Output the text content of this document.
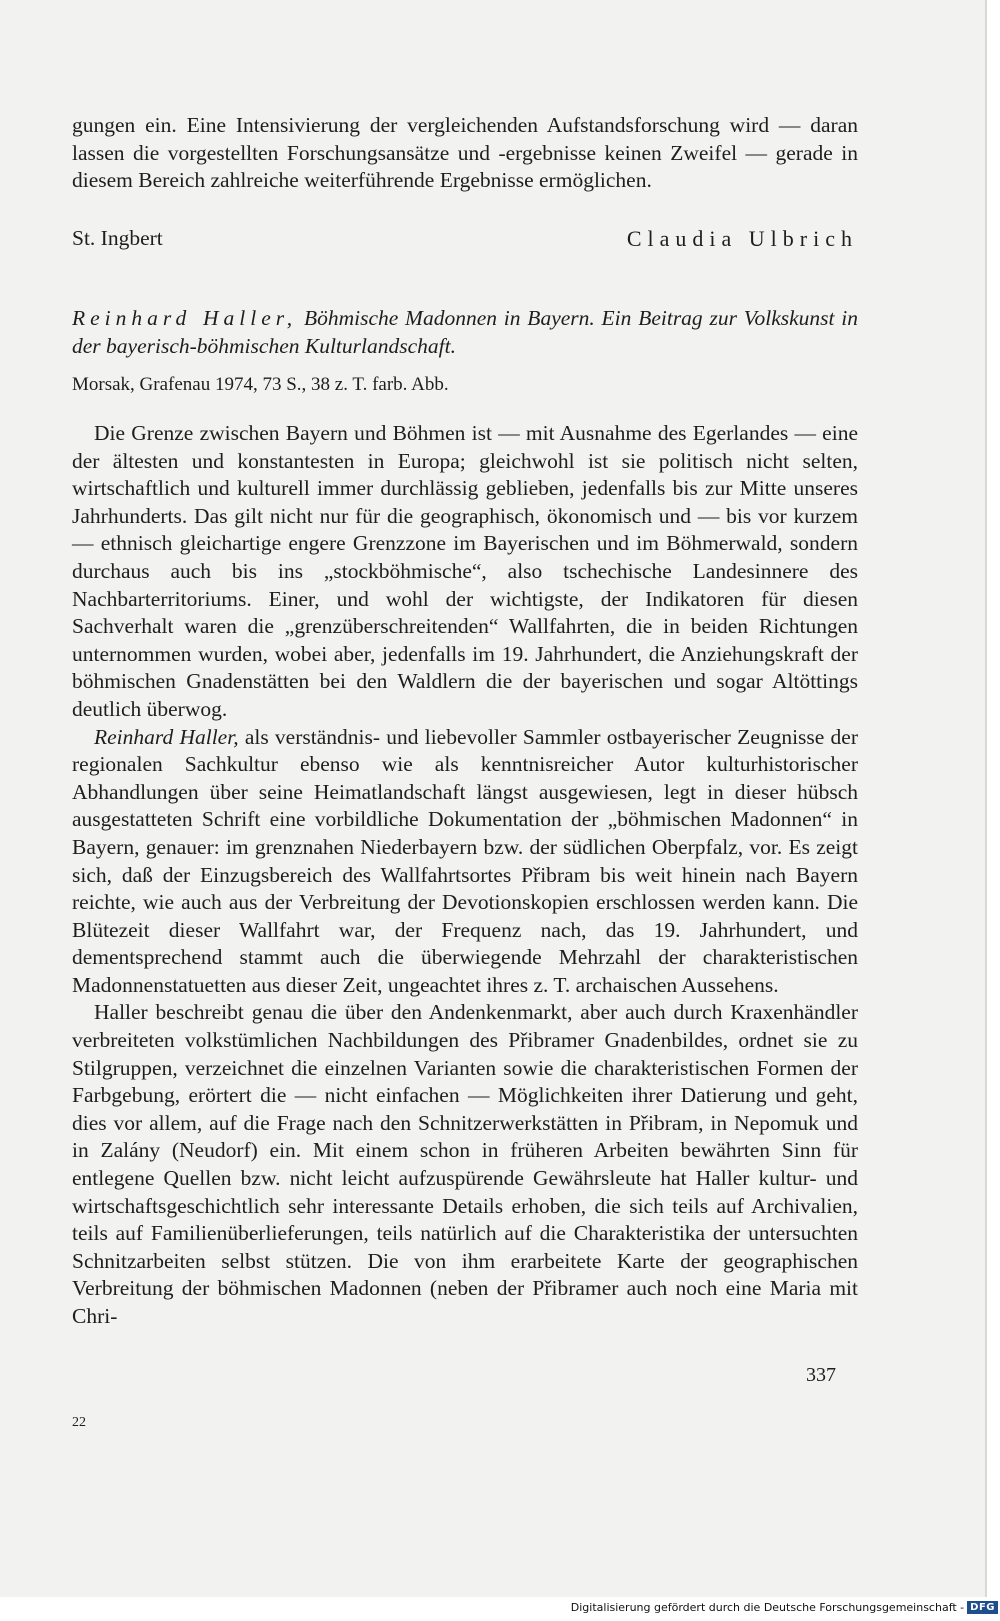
gungen ein. Eine Intensivierung der vergleichenden Aufstandsforschung wird — daran lassen die vorgestellten Forschungsansätze und -ergebnisse keinen Zweifel — gerade in diesem Bereich zahlreiche weiterführende Ergebnisse ermöglichen.

St. Ingbert	Claudia Ulbrich
Reinhard Haller, Böhmische Madonnen in Bayern. Ein Beitrag zur Volkskunst in der bayerisch-böhmischen Kulturlandschaft.
Morsak, Grafenau 1974, 73 S., 38 z. T. farb. Abb.

Die Grenze zwischen Bayern und Böhmen ist — mit Ausnahme des Egerlandes — eine der ältesten und konstantesten in Europa; gleichwohl ist sie politisch nicht selten, wirtschaftlich und kulturell immer durchlässig geblieben, jedenfalls bis zur Mitte unseres Jahrhunderts. Das gilt nicht nur für die geographisch, ökonomisch und — bis vor kurzem — ethnisch gleichartige engere Grenzzone im Bayerischen und im Böhmerwald, sondern durchaus auch bis ins „stockböhmische“, also tschechische Landesinnere des Nachbarterritoriums. Einer, und wohl der wichtigste, der Indikatoren für diesen Sachverhalt waren die „grenzüberschreitenden“ Wallfahrten, die in beiden Richtungen unternommen wurden, wobei aber, jedenfalls im 19. Jahrhundert, die Anziehungskraft der böhmischen Gnadenstätten bei den Waldlern die der bayerischen und sogar Altöttings deutlich überwog.

Reinhard Haller, als verständnis- und liebevoller Sammler ostbayerischer Zeugnisse der regionalen Sachkultur ebenso wie als kenntnisreicher Autor kulturhistorischer Abhandlungen über seine Heimatlandschaft längst ausgewiesen, legt in dieser hübsch ausgestatteten Schrift eine vorbildliche Dokumentation der „böhmischen Madonnen“ in Bayern, genauer: im grenznahen Niederbayern bzw. der südlichen Oberpfalz, vor. Es zeigt sich, daß der Einzugsbereich des Wallfahrtsortes Přibram bis weit hinein nach Bayern reichte, wie auch aus der Verbreitung der Devotionskopien erschlossen werden kann. Die Blütezeit dieser Wallfahrt war, der Frequenz nach, das 19. Jahrhundert, und dementsprechend stammt auch die überwiegende Mehrzahl der charakteristischen Madonnenstatuetten aus dieser Zeit, ungeachtet ihres z. T. archaischen Aussehens.

Haller beschreibt genau die über den Andenkenmarkt, aber auch durch Kraxenhändler verbreiteten volkstümlichen Nachbildungen des Přibramer Gnadenbildes, ordnet sie zu Stilgruppen, verzeichnet die einzelnen Varianten sowie die charakteristischen Formen der Farbgebung, erörtert die — nicht einfachen — Möglichkeiten ihrer Datierung und geht, dies vor allem, auf die Frage nach den Schnitzerwerkstätten in Přibram, in Nepomuk und in Zalány (Neudorf) ein. Mit einem schon in früheren Arbeiten bewährten Sinn für entlegene Quellen bzw. nicht leicht aufzuspürende Gewährsleute hat Haller kultur- und wirtschaftsgeschichtlich sehr interessante Details erhoben, die sich teils auf Archivalien, teils auf Familienüberlieferungen, teils natürlich auf die Charakteristika der untersuchten Schnitzarbeiten selbst stützen. Die von ihm erarbeitete Karte der geographischen Verbreitung der böhmischen Madonnen (neben der Přibramer auch noch eine Maria mit Chri-

337
22
Digitalisierung gefördert durch die Deutsche Forschungsgemeinschaft - DFG
